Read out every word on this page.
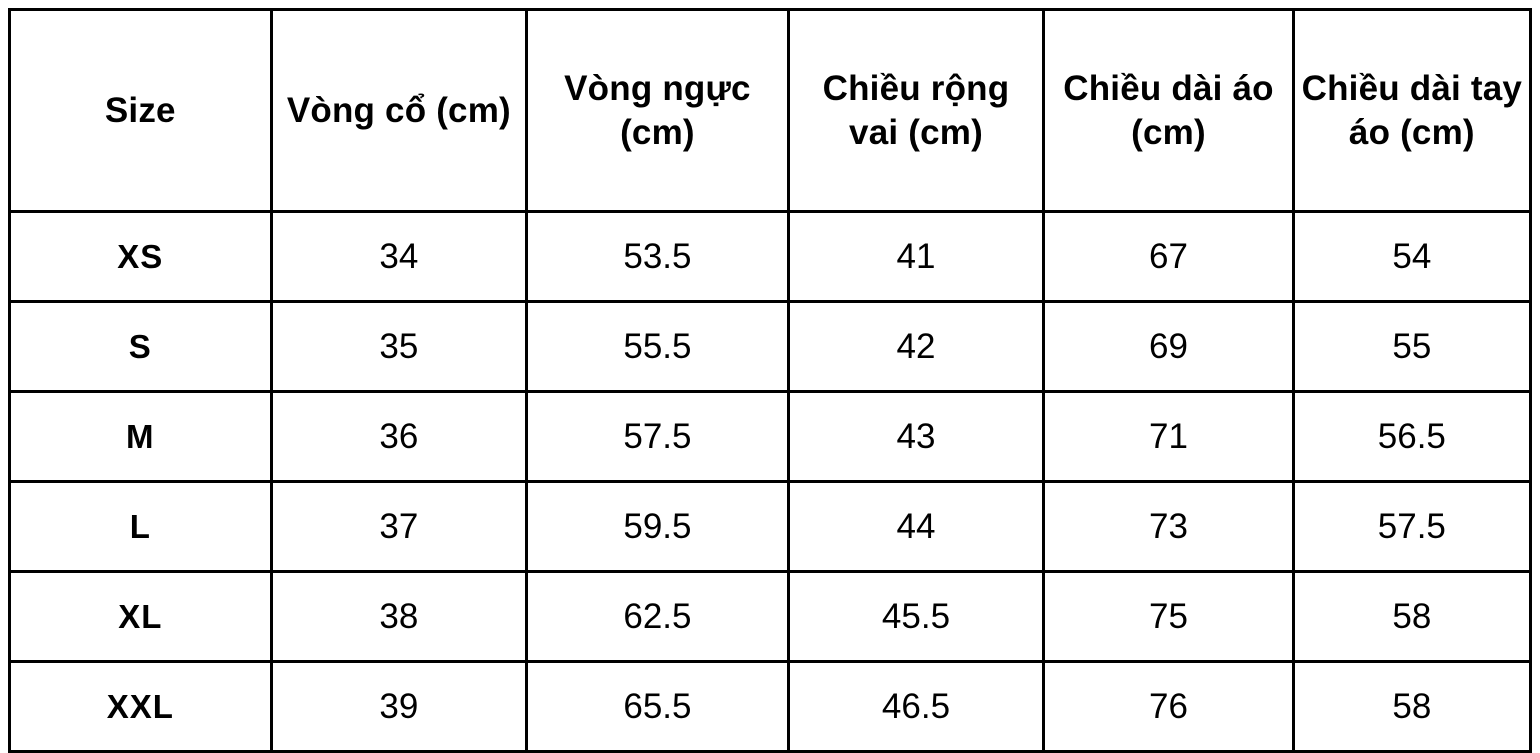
Size	Vòng cổ (cm)	Vòng ngực (cm)	Chiều rộng vai (cm)	Chiều dài áo (cm)	Chiều dài tay áo (cm)
XS	34	53.5	41	67	54
S	35	55.5	42	69	55
M	36	57.5	43	71	56.5
L	37	59.5	44	73	57.5
XL	38	62.5	45.5	75	58
XXL	39	65.5	46.5	76	58
